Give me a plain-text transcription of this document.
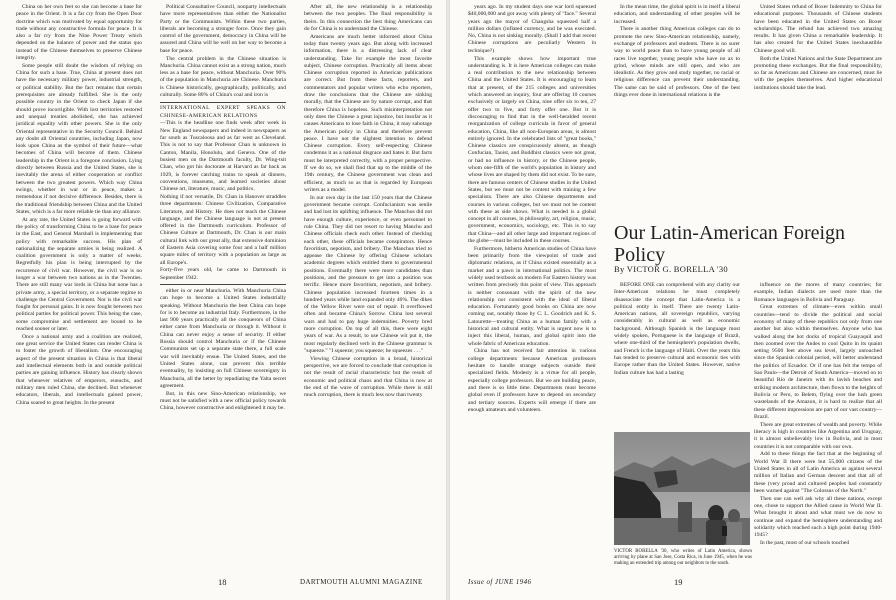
China on her own feet so she can become a base for peace in the Orient. It is a far cry from the Open Door doctrine which was motivated by equal opportunity for trade without any constructive formula for peace. It is also a far cry from the Nine Power Treaty which depended on the balance of power and the status quo instead of the Chinese themselves to preserve Chinese integrity.

Some people still doubt the wisdom of relying on China for such a base. True, China at present does not have the necessary military power, industrial strength, or political stability. But the fact remains that certain prerequisites are already fulfilled. She is the only possible country in the Orient to check Japan if she should prove incorrigible. With lost territories restored and unequal treaties abolished, she has achieved juridical equality with other powers. She is the only Oriental representative in the Security Council. Behind any doubt all Oriental countries, including Japan, now look upon China as the symbol of their future—what becomes of China will become of them. Chinese leadership in the Orient is a foregone conclusion. Lying directly between Russia and the United States, she is inevitably the arena of either cooperation or conflict between the two greatest powers. Which way China swings, whether in war or in peace, makes a tremendous if not decisive difference. Besides, there is the traditional friendship between China and the United States, which is a far more reliable tie than any alliance.

At any rate, the United States is going forward with the policy of transforming China to be a base for peace in the East, and General Marshall is implementing that policy with remarkable success. His plan of nationalizing the separate armies is being realized. A coalition government is only a matter of weeks. Regretfully his plan is being interrupted by the recurrence of civil war. However, the civil war is no longer a war between two nations as in the Twenties. There are still many war lords in China but none has a private army, a special territory, or a separate regime to challenge the Central Government. Nor is the civil war fought for personal gains. It is now fought between two political parties for political power. This being the case, some compromise and settlement are bound to be reached sooner or later.

Once a national army and a coalition are realized, one great service the United States can render China is to foster the growth of liberalism. One encouraging aspect of the present situation in China is that liberal and intellectual elements both in and outside political parties are gaining influence. History has clearly shown that whenever relatives of emperors, eunuchs, and military men ruled China, she declined. But whenever educators, liberals, and intellectuals gained power, China soared to great heights. In the present

Political Consultative Council, nonparty intellectuals have more representatives than either the Nationalist Party or the Communists. Within these two parties, liberals are becoming a stronger force. Once they gain control of the government, democracy in China will be assured and China will be well on her way to become a base for peace.

The central problem in the Chinese situation is Manchuria. China cannot exist as a strong nation, much less as a base for peace, without Manchuria. Over 90% of the population in Manchuria are Chinese. Manchuria is Chinese historically, geographically, politically, and culturally. Some 80% of China's coal and iron is

INTERNATIONAL EXPERT SPEAKS ON CHINESE-AMERICAN RELATIONS

—This is the headline one finds week after week in New England newspapers and indeed in newspapers as far south as Tuscaloosa and as far west as Cleveland. This is not to say that Professor Chan is unknown in Canton, Manila, Honolulu, and Geneva. One of the busiest men on the Dartmouth faculty, Dr. Wing-tsit Chan, who got his doctorate at Harvard as far back as 1929, is forever catching trains to speak at dinners, conventions, museums, and learned societies about Chinese art, literature, music, and politics.

Nothing if not versatile, Dr. Chan in Hanover straddles three departments: Chinese Civilization, Comparative Literature, and History. He does not teach the Chinese language, and the Chinese language is not at present offered in the Dartmouth curriculum. Professor of Chinese Culture at Dartmouth, Dr. Chan is our main cultural link with our great ally, that extensive dominion of Eastern Asia covering some four and a half million square miles of territory with a population as large as all Europe's.

Forty-five years old, he came to Dartmouth in September 1942.

either in or near Manchuria. With Manchuria China can hope to become a United States industrially speaking. Without Manchuria the best China can hope for is to become an industrial Italy. Furthermore, in the last 900 years practically all the conquerors of China either came from Manchuria or through it. Without it China can never enjoy a sense of security. If either Russia should control Manchuria or if the Chinese Communists set up a separate state there, a full scale war will inevitably ensue. The United States, and the United States alone, can prevent this terrible eventuality, by insisting on full Chinese sovereignty in Manchuria, all the better by repudiating the Yalta secret agreement.

But, in this new Sino-American relationship, we must not be satisfied with a new official policy towards China, however constructive and enlightened it may be.

After all, the new relationship is a relationship between the two peoples. The final responsibility is theirs. In this connection the best thing Americans can do for China is to understand the Chinese.

Americans are much better informed about China today than twenty years ago. But along with increased information, there is a distressing lack of clear understanding. Take for example the most favorite subject, Chinese corruption. Practically all items about Chinese corruption reported in American publications are correct. But from these facts, reporters, and commentators and popular writers who echo reporters, draw the conclusions that the Chinese are sinking morally, that the Chinese are by nature corrupt, and that therefore China is hopeless. Such misinterpretation not only does the Chinese a great injustice, but insofar as it causes Americans to lose faith in China, it may sabotage the American policy in China and therefore prevent peace. I have not the slightest intention to defend Chinese corruption. Every self-respecting Chinese condemns it as a national disgrace and hates it. But facts must be interpreted correctly, with a proper perspective. If we do so, we shall find that up to the middle of the 19th century, the Chinese government was clean and efficient, as much so as that is regarded by European writers as a model.

In our own day in the last 150 years that the Chinese government became corrupt. Confucianism was senile and had lost its uplifting influence. The Manchus did not have enough culture, experience, or even personnel to rule China. They did not resort to having Manchu and Chinese officials check each other. Instead of checking each other, these officials became conspirators. Hence favoritism, nepotism, and bribery. The Manchus tried to appease the Chinese by offering Chinese scholars academic degrees which entitled them to governmental positions. Eventually there were more candidates than positions, and the pressure to get into a position was terrific. Hence more favoritism, nepotism, and bribery. Chinese population increased fourteen times in a hundred years while land expanded only 40%. The dikes of the Yellow River were out of repair. It overflowed often and became China's Sorrow. China lost several wars and had to pay huge indemnities. Poverty bred more corruption. On top of all this, there were eight years of war. As a result, to use Chinese wit put it, the most regularly declined verb in the Chinese grammar is "squeeze." "I squeeze; you squeeze; he squeezes . . ."

Viewing Chinese corruption in a broad, historical perspective, we are forced to conclude that corruption is not the result of racial characteristic but the result of economic and political chaos and that China is now at the end of the wave of corruption. While there is still much corruption, there is much less now than twenty

18	DARTMOUTH ALUMNI MAGAZINE

years ago. In my student days one war lord squeezed $40,000,000 and got away with plenty of "face." Several years ago the mayor of Changsha squeezed half a million dollars (inflated currency, and he was executed. No, China is not sinking morally. (Shall I add that recent Chinese corruptions are peculiarly Western in technique?)

This example shows how important true understanding is. It is here American colleges can make a real contribution to the new relationship between China and the United States. It is encouraging to learn that at present, of the 215 colleges and universities which answered an inquiry, four are offering 10 courses exclusively or largely on China, nine offer six to ten, 27 offer two to five, and forty offer one. But it is discouraging to find that in the well-heralded recent reorganization of college curricula in favor of general education, China, like all non-European areas, is almost entirely ignored. In the celebrated lists of "great books," Chinese classics are conspicuously absent, as though Confucian, Taoist, and Buddhist classics were not great, or had no influence in history, or the Chinese people, whom one-fifth of the world's population in history and whose lives are shaped by them did not exist. To be sure, there are famous centers of Chinese studies in the United States, but we must not be content with training a few specialists. There are also Chinese departments and courses in various colleges, but we must not be content with these as side shows. What is needed is a global concept in all courses, in philosophy, art, religion, music, government, economics, sociology, etc. This is to say that China—and all other large and important regions of the globe—must be included in these courses.

Furthermore, hitherto American studies of China have been primarily from the viewpoint of trade and diplomatic relations, as if China existed essentially as a market and a pawn in international politics. The most widely used textbook on modern Far Eastern history was written from precisely this point of view. This approach is neither consonant with the spirit of the new relationship nor consistent with the ideal of liberal education. Fortunately good books on China are now coming out, notably those by C. L. Goodrich and K. S. Latourette—treating China as a human family with a historical and cultural entity. What is urgent now is to inject this liberal, human, and global spirit into the whole fabric of American education.

China has not received fair attention in various college departments because American professors hesitate to handle strange subjects outside their specialized fields. Modesty is a virtue for all people, especially college professors. But we are building peace, and there is so little time. Departments must become global even if professors have to depend on secondary and tertiary sources. Experts will emerge if there are enough amateurs and volunteers.

In the mean time, the global spirit is in itself a liberal education, and understanding of other peoples will be increased.

There is another thing American colleges can do to promote the new Sino-American relationship, namely, exchange of professors and students. There is no surer way to world peace than to have young people of all races live together, young people who have no ax to grind, whose minds are still open, and who are idealistic. As they grow and study together, no racial or religious difference can prevent their understanding. The same can be said of professors. One of the best things ever done in international relations is the

United States refund of Boxer Indemnity to China for educational purposes. Thousands of Chinese students have been educated in the United States on Boxer scholarships. The refund has achieved two amazing results. It has given China a remarkable leadership. It has also created for the United States inexhaustible Chinese good will.

Both the United Nations and the State Department are promoting these exchanges. But the final responsibility, so far as Americans and Chinese are concerned, must lie with the peoples themselves. And higher educational institutions should take the lead.

Our Latin-American Foreign Policy
By VICTOR G. BORELLA '30

BEFORE ONE can comprehend with any clarity our Inter-American relations he must completely disassociate the concept that Latin-America is a political entity in itself. There are twenty Latin-American nations, all sovereign republics, varying considerably in cultural as well as economic background. Although Spanish is the language most widely spoken, Portuguese is the language of Brazil, where one-third of the hemisphere's population dwells, and French is the language of Haiti. Over the years this has tended to preserve cultural and economic ties with Europe rather than the United States. However, native Indian culture has had a lasting

influence on the mores of many countries; for example, Indian dialects are used more than the Romance languages in Bolivia and Paraguay.

Great extremes of climate—even within small countries—tend to divide the political and social economy of many of these republics not only from one another but also within themselves. Anyone who has walked along the hot docks of tropical Guayaquil and then zoomed over the Andes to cool Quito in its quaint setting 9500 feet above sea level, largely untouched since the Spanish colonial period, will better understand the politics of Ecuador. Or if one has felt the tempo of Sao Paulo—the Detroit of South America—moved on to beautiful Rio de Janeiro with its lavish beaches and striking modern architecture, then flown to the heights of Bolivia or Peru, to Belem, flying over the lush green wastelands of the Amazon, it is hard to realize that all these different impressions are part of our vast country—Brazil.

There are great extremes of wealth and poverty. While literacy is high in countries like Argentina and Uruguay, it is almost unbelievably low in Bolivia, and in most countries it is not comparable with our own.

Add to these things the fact that at the beginning of World War II there were but 55,000 citizens of the United States in all of Latin America as against several million of Italian and German descent and that all of these (very proud and cultured peoples had constantly been warned against "The Colossus of the North."

Then one can well ask why all these nations, except one, chose to support the Allied cause in World War II. What brought it about and what must we do now to continue and expand the hemisphere understanding and solidarity which reached such a high point during 1940-1945?

In the past, most of our schools touched

VICTOR BORELLA '30, who writes of Latin America, shown arriving by plane at San Jose, Costa Rica, in June 1945, when he was making an extended trip among our neighbors to the south.
Issue of JUNE 1946	19
